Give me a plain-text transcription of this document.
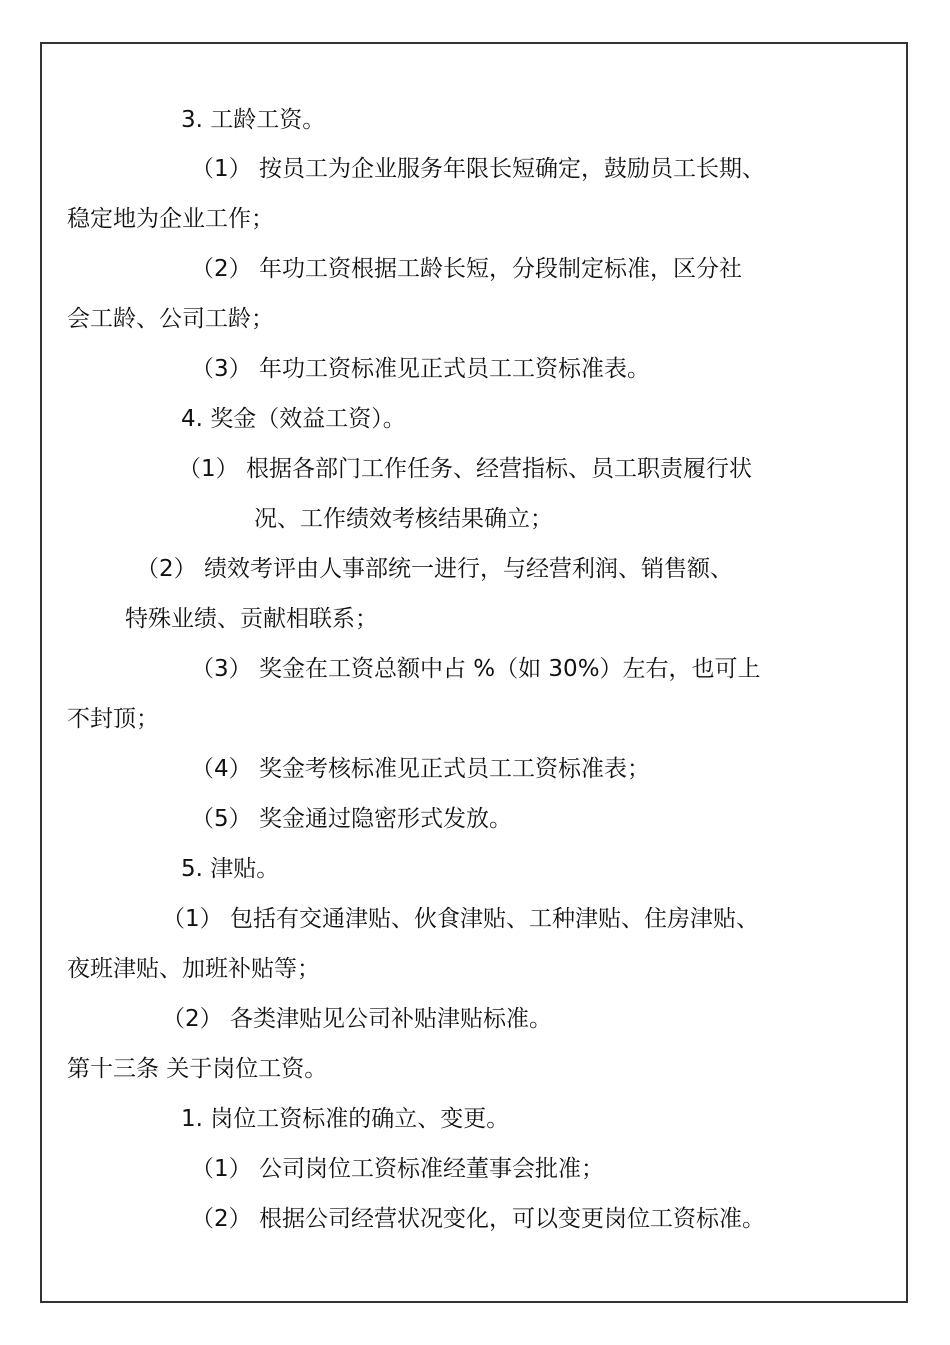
3. 工龄工资。
（1） 按员工为企业服务年限长短确定，鼓励员工长期、
稳定地为企业工作；
（2） 年功工资根据工龄长短，分段制定标准，区分社
会工龄、公司工龄；
（3） 年功工资标准见正式员工工资标准表。
4. 奖金（效益工资）。
（1） 根据各部门工作任务、经营指标、员工职责履行状
况、工作绩效考核结果确立；
（2） 绩效考评由人事部统一进行，与经营利润、销售额、
特殊业绩、贡献相联系；
（3） 奖金在工资总额中占 %（如 30%）左右，也可上
不封顶；
（4） 奖金考核标准见正式员工工资标准表；
（5） 奖金通过隐密形式发放。
5. 津贴。
（1） 包括有交通津贴、伙食津贴、工种津贴、住房津贴、
夜班津贴、加班补贴等；
（2） 各类津贴见公司补贴津贴标准。
第十三条 关于岗位工资。
1. 岗位工资标准的确立、变更。
（1） 公司岗位工资标准经董事会批准；
（2） 根据公司经营状况变化，可以变更岗位工资标准。
